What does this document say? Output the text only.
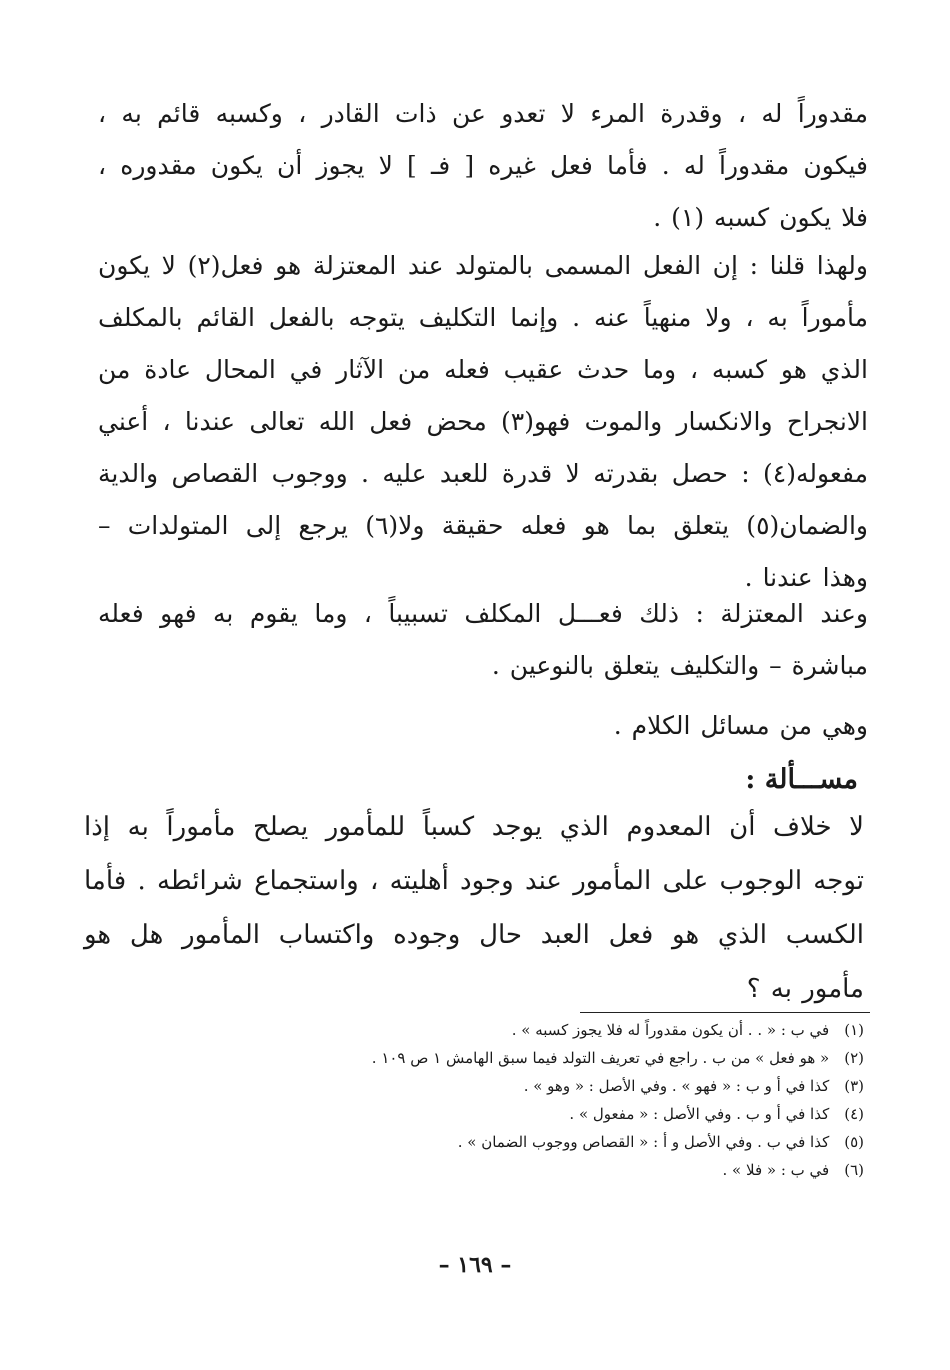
مقدوراً له ، وقدرة المرء لا تعدو عن ذات القادر ، وكسبه قائم به ،
فيكون مقدوراً له . فأما فعل غيره [ فـ ] لا يجوز أن يكون مقدوره ،
فلا يكون كسبه (١) .
ولهذا قلنا : إن الفعل المسمى بالمتولد عند المعتزلة هو فعل(٢) لا يكون
مأموراً به ، ولا منهياً عنه . وإنما التكليف يتوجه بالفعل القائم بالمكلف
الذي هو كسبه ، وما حدث عقيب فعله من الآثار في المحال عادة من
الانجراح والانكسار والموت فهو(٣) محض فعل الله تعالى عندنا ، أعني
مفعوله(٤) : حصل بقدرته لا قدرة للعبد عليه . ووجوب القصاص والدية
والضمان(٥) يتعلق بما هو فعله حقيقة ولا(٦) يرجع إلى المتولدات –
وهذا عندنا .
وعند المعتزلة : ذلك فعـــل المكلف تسبيباً ، وما يقوم به فهو فعله
مباشرة – والتكليف يتعلق بالنوعين .
وهي من مسائل الكلام .
مســـألة :
لا خلاف أن المعدوم الذي يوجد كسباً للمأمور يصلح مأموراً به إذا
توجه الوجوب على المأمور عند وجود أهليته ، واستجماع شرائطه . فأما
الكسب الذي هو فعل العبد حال وجوده واكتساب المأمور هل هو
مأمور به ؟
(١) في ب : « . . أن يكون مقدوراً له فلا يجوز كسبه » .
(٢) « هو فعل » من ب . راجع في تعريف التولد فيما سبق الهامش ١ ص ١٠٩ .
(٣) كذا في أ و ب : « فهو » . وفي الأصل : « وهو » .
(٤) كذا في أ و ب . وفي الأصل : « مفعول » .
(٥) كذا في ب . وفي الأصل و أ : « القصاص ووجوب الضمان » .
(٦) في ب : « فلا » .
– ١٦٩ –
